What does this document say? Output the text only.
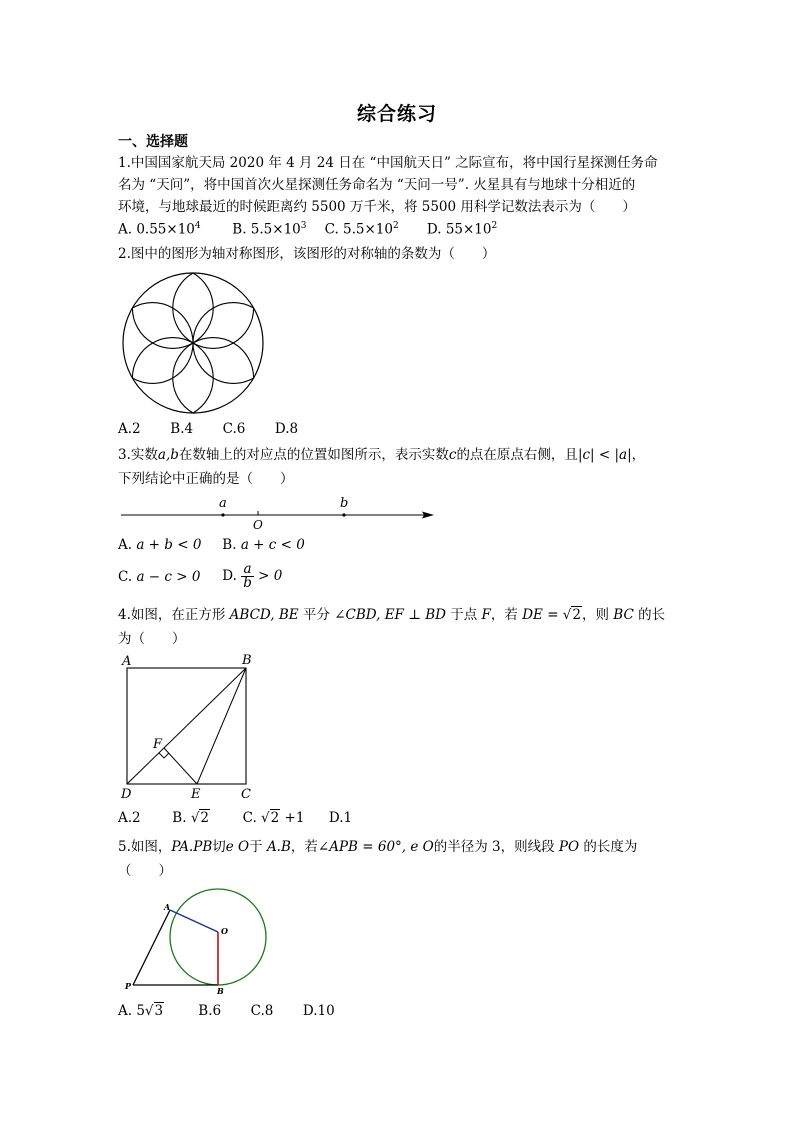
综合练习
一、选择题
1.中国国家航天局 2020 年 4 月 24 日在 “中国航天日” 之际宣布，将中国行星探测任务命
名为 “天问”，将中国首次火星探测任务命名为 “天问一号”. 火星具有与地球十分相近的
环境，与地球最近的时候距离约 5500 万千米，将 5500 用科学记数法表示为（　　）
A. $0.55\times 10^4$ B. $5.5\times 10^3$ C. $5.5\times 10^2$ D. $55\times 10^2$
2.图中的图形为轴对称图形，该图形的对称轴的条数为（　　）
A.2 B.4 C.6 D.8
3.实数a,b在数轴上的对应点的位置如图所示，表示实数c的点在原点右侧，且|c| < |a|，
下列结论中正确的是（　　）
a
O
b
A. a + b < 0 B. a + c < 0
C. a − c > 0 D. $\frac{a}{b} > 0$
4.如图，在正方形 ABCD, BE 平分 ∠CBD, EF ⊥ BD 于点 F，若 DE = √2，则 BC 的长
为（　　）
A	B
C
D	E
F
A.2 B. √2 C. √2 +1 D.1
5.如图，PA.PB切e O于 A.B，若∠APB = 60°, e O的半径为 3，则线段 PO 的长度为
（　　）
A
O
P	B
A. 5√3	B.6 C.8 D.10
